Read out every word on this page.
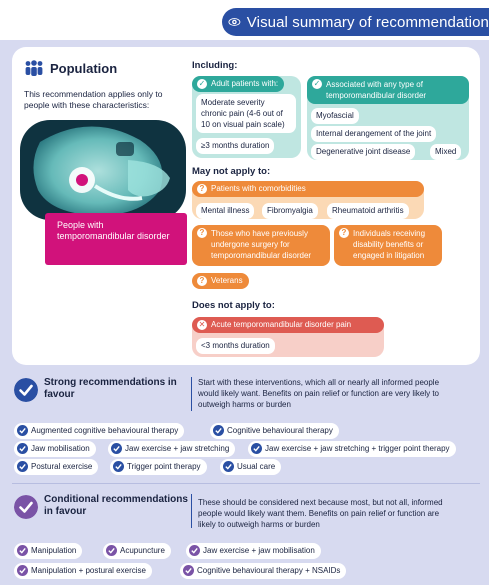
Visual summary of recommendation
Population
This recommendation applies only to people with these characteristics:
People with temporomandibular disorder
Including:
✓ Adult patients with:
Moderate severity chronic pain (4-6 out of 10 on visual pain scale)
≥3 months duration
✓ Associated with any type of temporomandibular disorder
Myofascial
Internal derangement of the joint
Degenerative joint disease	Mixed
May not apply to:
? Patients with comorbidities
Mental illness	Fibromyalgia	Rheumatoid arthritis
? Those who have previously undergone surgery for temporomandibular disorder
? Individuals receiving disability benefits or engaged in litigation
? Veterans
Does not apply to:
✕ Acute temporomandibular disorder pain
<3 months duration
Strong recommendations in favour
Start with these interventions, which all or nearly all informed people would likely want. Benefits on pain relief or function are very likely to outweigh harms or burden
Augmented cognitive behavioural therapy	Cognitive behavioural therapy
Jaw mobilisation	Jaw exercise + jaw stretching	Jaw exercise + jaw stretching + trigger point therapy
Postural exercise	Trigger point therapy	Usual care
Conditional recommendations in favour
These should be considered next because most, but not all, informed people would likely want them. Benefits on pain relief or function are likely to outweigh harms or burden
Manipulation	Acupuncture	Jaw exercise + jaw mobilisation
Manipulation + postural exercise	Cognitive behavioural therapy + NSAIDs
